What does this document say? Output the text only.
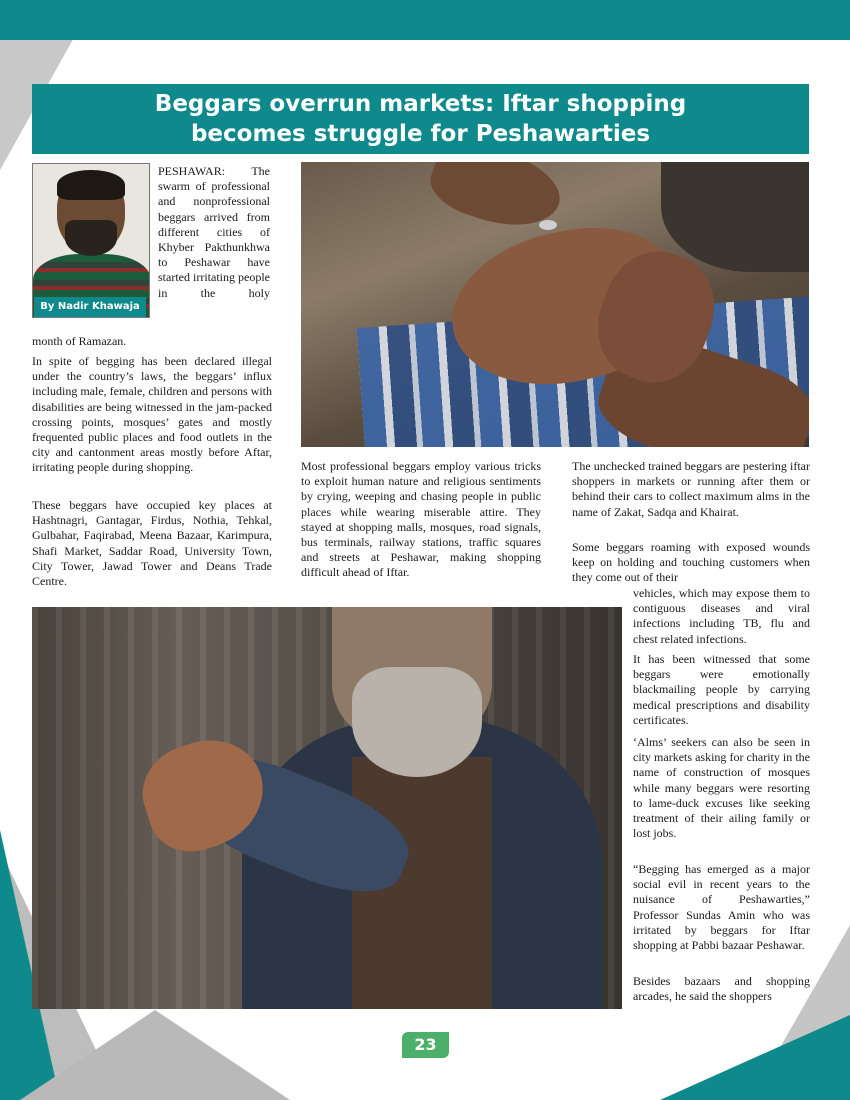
Beggars overrun markets: Iftar shopping becomes struggle for Peshawarties
By Nadir Khawaja

PESHAWAR: The swarm of professional and nonprofessional beggars arrived from different cities of Khyber Pakthunkhwa to Peshawar have started irritating people in the holy

month of Ramazan.

In spite of begging has been declared illegal under the country’s laws, the beggars’ influx including male, female, children and persons with disabilities are being witnessed in the jam-packed crossing points, mosques’ gates and mostly frequented public places and food outlets in the city and cantonment areas mostly before Aftar, irritating people during shopping.

These beggars have occupied key places at Hashtnagri, Gantagar, Firdus, Nothia, Tehkal, Gulbahar, Faqirabad, Meena Bazaar, Karimpura, Shafi Market, Saddar Road, University Town, City Tower, Jawad Tower and Deans Trade Centre.

Most professional beggars employ various tricks to exploit human nature and religious sentiments by crying, weeping and chasing people in public places while wearing miserable attire. They stayed at shopping malls, mosques, road signals, bus terminals, railway stations, traffic squares and streets at Peshawar, making shopping difficult ahead of Iftar.

The unchecked trained beggars are pestering iftar shoppers in markets or running after them or behind their cars to collect maximum alms in the name of Zakat, Sadqa and Khairat.

Some beggars roaming with exposed wounds keep on holding and touching customers when they come out of their

vehicles, which may expose them to contiguous diseases and viral infections including TB, flu and chest related infections.

It has been witnessed that some beggars were emotionally blackmailing people by carrying medical prescriptions and disability certificates.

‘Alms’ seekers can also be seen in city markets asking for charity in the name of construction of mosques while many beggars were resorting to lame-duck excuses like seeking treatment of their ailing family or lost jobs.

“Begging has emerged as a major social evil in recent years to the nuisance of Peshawarties,” Professor Sundas Amin who was irritated by beggars for Iftar shopping at Pabbi bazaar Peshawar.

Besides bazaars and shopping arcades, he said the shoppers

23
